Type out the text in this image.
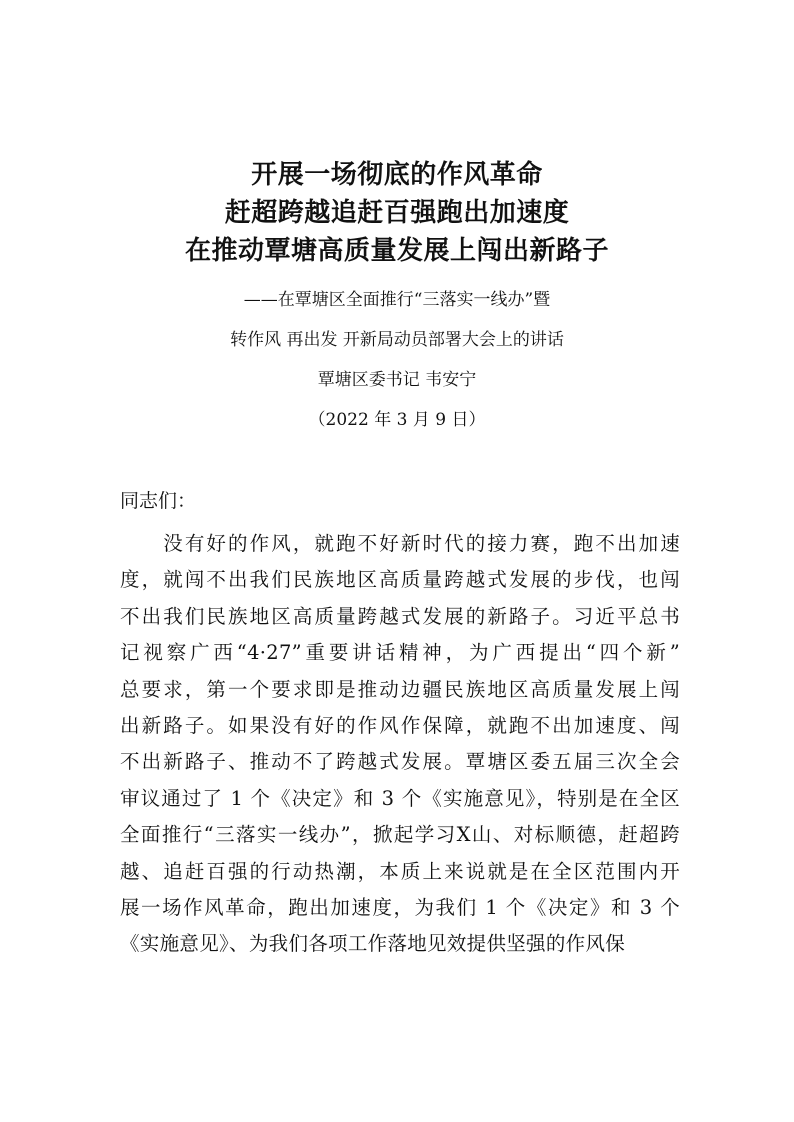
开展一场彻底的作风革命
赶超跨越追赶百强跑出加速度
在推动覃塘高质量发展上闯出新路子
——在覃塘区全面推行“三落实一线办”暨
转作风 再出发 开新局动员部署大会上的讲话
覃塘区委书记 韦安宁
（2022 年 3 月 9 日）
同志们：
　　没有好的作风，就跑不好新时代的接力赛，跑不出加速
度，就闯不出我们民族地区高质量跨越式发展的步伐，也闯
不出我们民族地区高质量跨越式发展的新路子。习近平总书
记视察广西“4·27”重要讲话精神，为广西提出“四个新”
总要求，第一个要求即是推动边疆民族地区高质量发展上闯
出新路子。如果没有好的作风作保障，就跑不出加速度、闯
不出新路子、推动不了跨越式发展。覃塘区委五届三次全会
审议通过了 1 个《决定》和 3 个《实施意见》，特别是在全区
全面推行“三落实一线办”，掀起学习X山、对标顺德，赶超跨
越、追赶百强的行动热潮，本质上来说就是在全区范围内开
展一场作风革命，跑出加速度，为我们 1 个《决定》和 3 个
《实施意见》、为我们各项工作落地见效提供坚强的作风保
